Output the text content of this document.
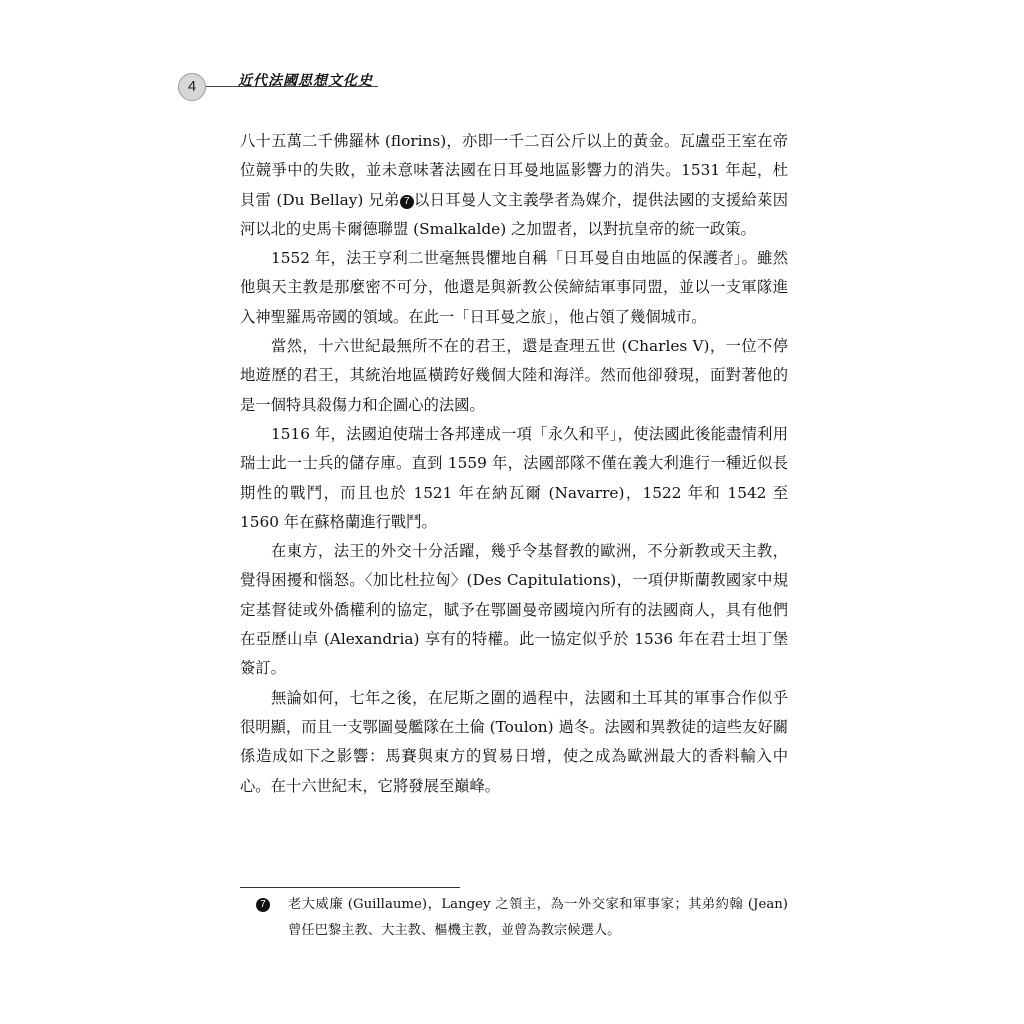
4	近代法國思想文化史

八十五萬二千佛羅林 (florins)，亦即一千二百公斤以上的黃金。瓦盧亞王室在帝位競爭中的失敗，並未意味著法國在日耳曼地區影響力的消失。1531 年起，杜貝雷 (Du Bellay) 兄弟 7 以日耳曼人文主義學者為媒介，提供法國的支援給萊因河以北的史馬卡爾德聯盟 (Smalkalde) 之加盟者，以對抗皇帝的統一政策。

1552 年，法王亨利二世毫無畏懼地自稱「日耳曼自由地區的保護者」。雖然他與天主教是那麼密不可分，他還是與新教公侯締結軍事同盟，並以一支軍隊進入神聖羅馬帝國的領域。在此一「日耳曼之旅」，他占領了幾個城市。

當然，十六世紀最無所不在的君王，還是查理五世 (Charles V)，一位不停地遊歷的君王，其統治地區橫跨好幾個大陸和海洋。然而他卻發現，面對著他的是一個特具殺傷力和企圖心的法國。

1516 年，法國迫使瑞士各邦達成一項「永久和平」，使法國此後能盡情利用瑞士此一士兵的儲存庫。直到 1559 年，法國部隊不僅在義大利進行一種近似長期性的戰鬥，而且也於 1521 年在納瓦爾 (Navarre)，1522 年和 1542 至 1560 年在蘇格蘭進行戰鬥。

在東方，法王的外交十分活躍，幾乎令基督教的歐洲，不分新教或天主教，覺得困擾和惱怒。〈加比杜拉匈〉(Des Capitulations)，一項伊斯蘭教國家中規定基督徒或外僑權利的協定，賦予在鄂圖曼帝國境內所有的法國商人，具有他們在亞歷山卓 (Alexandria) 享有的特權。此一協定似乎於 1536 年在君士坦丁堡簽訂。

無論如何，七年之後，在尼斯之圍的過程中，法國和土耳其的軍事合作似乎很明顯，而且一支鄂圖曼艦隊在土倫 (Toulon) 過冬。法國和異教徒的這些友好關係造成如下之影響：馬賽與東方的貿易日增，使之成為歐洲最大的香料輸入中心。在十六世紀末，它將發展至巔峰。

7	老大威廉 (Guillaume)，Langey 之領主，為一外交家和軍事家；其弟約翰 (Jean) 曾任巴黎主教、大主教、樞機主教，並曾為教宗候選人。
